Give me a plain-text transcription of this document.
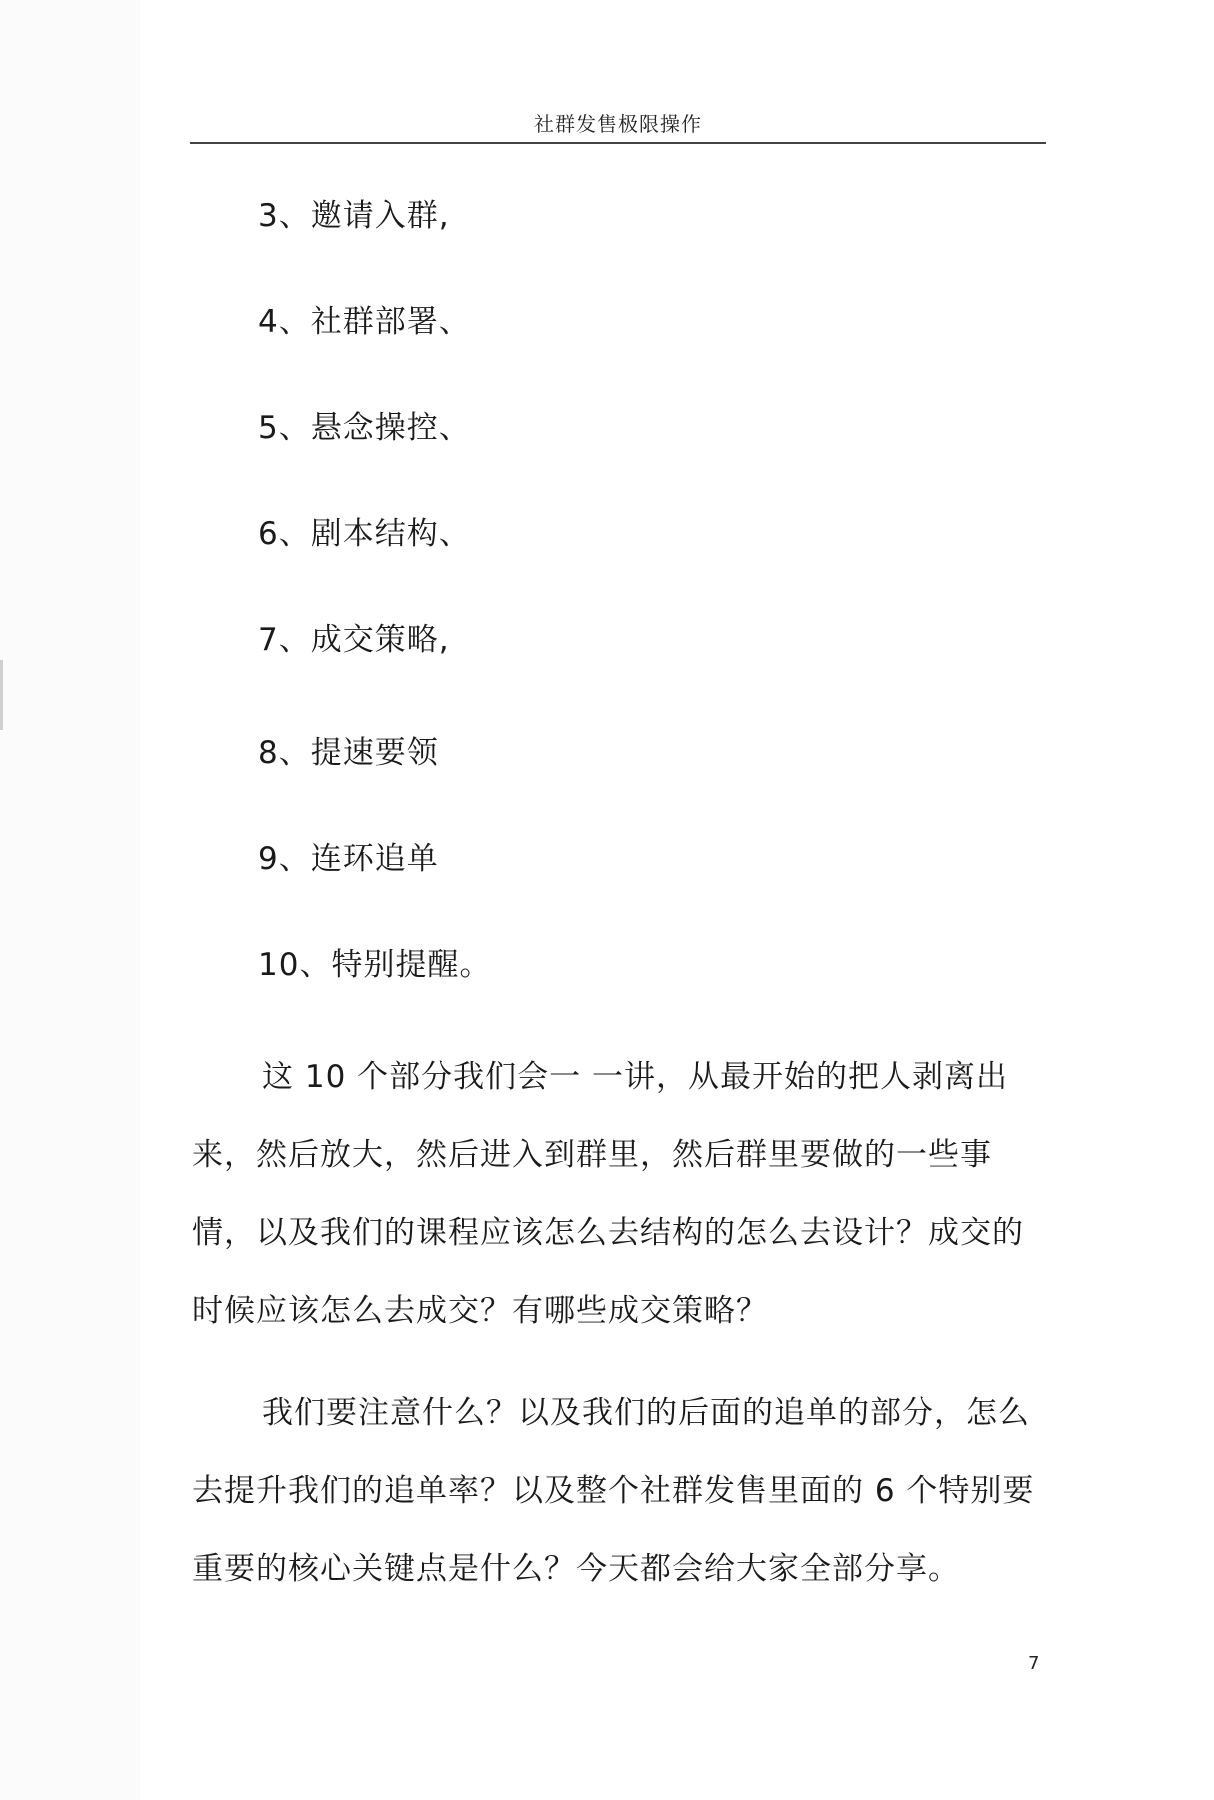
社群发售极限操作
3、邀请入群,
4、社群部署、
5、悬念操控、
6、剧本结构、
7、成交策略,
8、提速要领
9、连环追单
10、特别提醒。

这 10 个部分我们会一 一讲，从最开始的把人剥离出来，然后放大，然后进入到群里，然后群里要做的一些事情，以及我们的课程应该怎么去结构的怎么去设计？成交的时候应该怎么去成交？有哪些成交策略？

我们要注意什么？以及我们的后面的追单的部分，怎么去提升我们的追单率？以及整个社群发售里面的 6 个特别要重要的核心关键点是什么？今天都会给大家全部分享。

7
